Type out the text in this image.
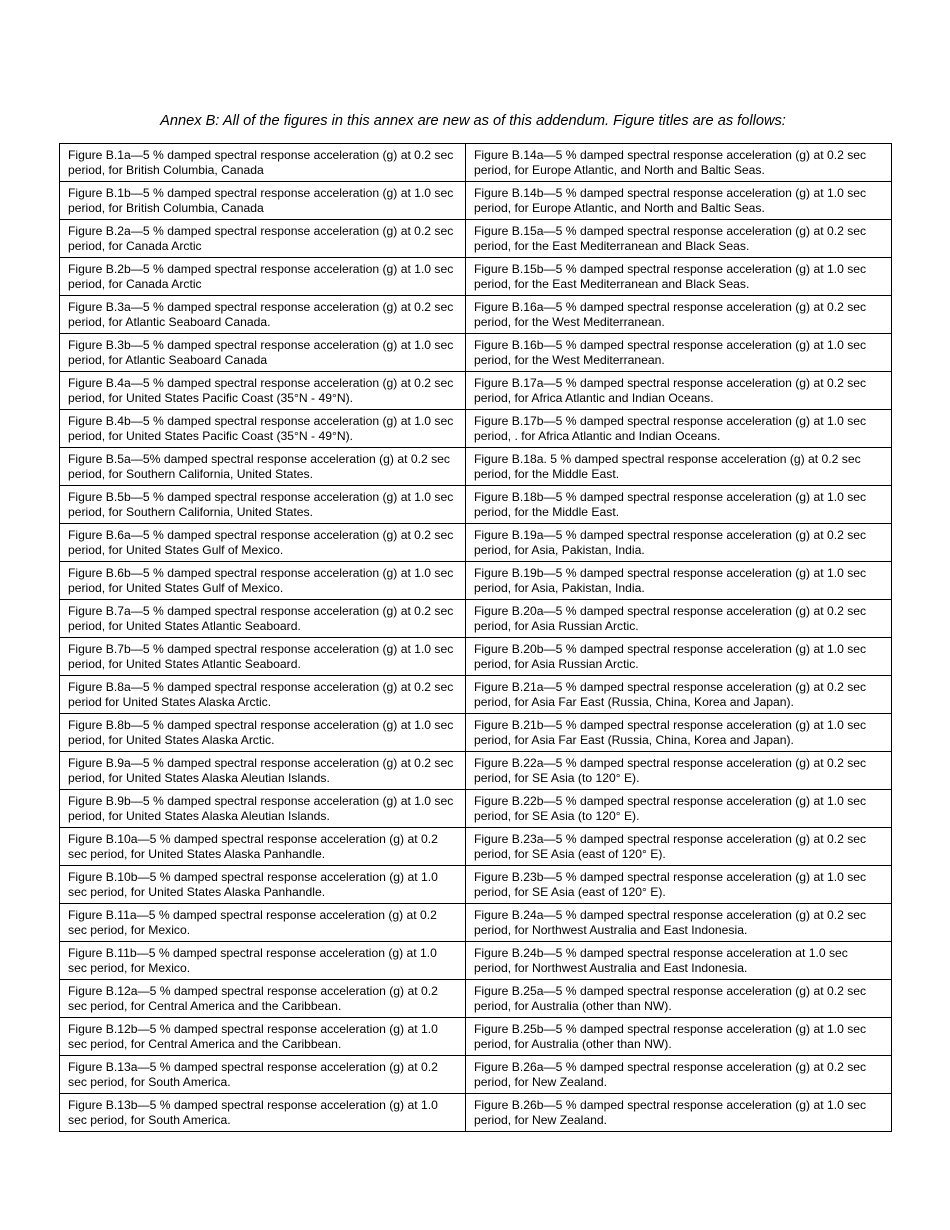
Annex B: All of the figures in this annex are new as of this addendum. Figure titles are as follows:
Figure B.1a—5 % damped spectral response acceleration (g) at 0.2 sec period, for British Columbia, Canada	Figure B.14a—5 % damped spectral response acceleration (g) at 0.2 sec period, for Europe Atlantic, and North and Baltic Seas.
Figure B.1b—5 % damped spectral response acceleration (g) at 1.0 sec period, for British Columbia, Canada	Figure B.14b—5 % damped spectral response acceleration (g) at 1.0 sec period, for Europe Atlantic, and North and Baltic Seas.
Figure B.2a—5 % damped spectral response acceleration (g) at 0.2 sec period, for Canada Arctic	Figure B.15a—5 % damped spectral response acceleration (g) at 0.2 sec period, for the East Mediterranean and Black Seas.
Figure B.2b—5 % damped spectral response acceleration (g) at 1.0 sec period, for Canada Arctic	Figure B.15b—5 % damped spectral response acceleration (g) at 1.0 sec period, for the East Mediterranean and Black Seas.
Figure B.3a—5 % damped spectral response acceleration (g) at 0.2 sec period, for Atlantic Seaboard Canada.	Figure B.16a—5 % damped spectral response acceleration (g) at 0.2 sec period, for the West Mediterranean.
Figure B.3b—5 % damped spectral response acceleration (g) at 1.0 sec period, for Atlantic Seaboard Canada	Figure B.16b—5 % damped spectral response acceleration (g) at 1.0 sec period, for the West Mediterranean.
Figure B.4a—5 % damped spectral response acceleration (g) at 0.2 sec period, for United States Pacific Coast (35°N - 49°N).	Figure B.17a—5 % damped spectral response acceleration (g) at 0.2 sec period, for Africa Atlantic and Indian Oceans.
Figure B.4b—5 % damped spectral response acceleration (g) at 1.0 sec period, for United States Pacific Coast (35°N - 49°N).	Figure B.17b—5 % damped spectral response acceleration (g) at 1.0 sec period, . for Africa Atlantic and Indian Oceans.
Figure B.5a—5% damped spectral response acceleration (g) at 0.2 sec period, for Southern California, United States.	Figure B.18a. 5 % damped spectral response acceleration (g) at 0.2 sec period, for the Middle East.
Figure B.5b—5 % damped spectral response acceleration (g) at 1.0 sec period, for Southern California, United States.	Figure B.18b—5 % damped spectral response acceleration (g) at 1.0 sec period, for the Middle East.
Figure B.6a—5 % damped spectral response acceleration (g) at 0.2 sec period, for United States Gulf of Mexico.	Figure B.19a—5 % damped spectral response acceleration (g) at 0.2 sec period, for Asia, Pakistan, India.
Figure B.6b—5 % damped spectral response acceleration (g) at 1.0 sec period, for United States Gulf of Mexico.	Figure B.19b—5 % damped spectral response acceleration (g) at 1.0 sec period, for Asia, Pakistan, India.
Figure B.7a—5 % damped spectral response acceleration (g) at 0.2 sec period, for United States Atlantic Seaboard.	Figure B.20a—5 % damped spectral response acceleration (g) at 0.2 sec period, for Asia Russian Arctic.
Figure B.7b—5 % damped spectral response acceleration (g) at 1.0 sec period, for United States Atlantic Seaboard.	Figure B.20b—5 % damped spectral response acceleration (g) at 1.0 sec period, for Asia Russian Arctic.
Figure B.8a—5 % damped spectral response acceleration (g) at 0.2 sec period for United States Alaska Arctic.	Figure B.21a—5 % damped spectral response acceleration (g) at 0.2 sec period, for Asia Far East (Russia, China, Korea and Japan).
Figure B.8b—5 % damped spectral response acceleration (g) at 1.0 sec period, for United States Alaska Arctic.	Figure B.21b—5 % damped spectral response acceleration (g) at 1.0 sec period, for Asia Far East (Russia, China, Korea and Japan).
Figure B.9a—5 % damped spectral response acceleration (g) at 0.2 sec period, for United States Alaska Aleutian Islands.	Figure B.22a—5 % damped spectral response acceleration (g) at 0.2 sec period, for SE Asia (to 120° E).
Figure B.9b—5 % damped spectral response acceleration (g) at 1.0 sec period, for United States Alaska Aleutian Islands.	Figure B.22b—5 % damped spectral response acceleration (g) at 1.0 sec period, for SE Asia (to 120° E).
Figure B.10a—5 % damped spectral response acceleration (g) at 0.2 sec period, for United States Alaska Panhandle.	Figure B.23a—5 % damped spectral response acceleration (g) at 0.2 sec period, for SE Asia (east of 120° E).
Figure B.10b—5 % damped spectral response acceleration (g) at 1.0 sec period, for United States Alaska Panhandle.	Figure B.23b—5 % damped spectral response acceleration (g) at 1.0 sec period, for SE Asia (east of 120° E).
Figure B.11a—5 % damped spectral response acceleration (g) at 0.2 sec period, for Mexico.	Figure B.24a—5 % damped spectral response acceleration (g) at 0.2 sec period, for Northwest Australia and East Indonesia.
Figure B.11b—5 % damped spectral response acceleration (g) at 1.0 sec period, for Mexico.	Figure B.24b—5 % damped spectral response acceleration at 1.0 sec period, for Northwest Australia and East Indonesia.
Figure B.12a—5 % damped spectral response acceleration (g) at 0.2 sec period, for Central America and the Caribbean.	Figure B.25a—5 % damped spectral response acceleration (g) at 0.2 sec period, for Australia (other than NW).
Figure B.12b—5 % damped spectral response acceleration (g) at 1.0 sec period, for Central America and the Caribbean.	Figure B.25b—5 % damped spectral response acceleration (g) at 1.0 sec period, for Australia (other than NW).
Figure B.13a—5 % damped spectral response acceleration (g) at 0.2 sec period, for South America.	Figure B.26a—5 % damped spectral response acceleration (g) at 0.2 sec period, for New Zealand.
Figure B.13b—5 % damped spectral response acceleration (g) at 1.0 sec period, for South America.	Figure B.26b—5 % damped spectral response acceleration (g) at 1.0 sec period, for New Zealand.
